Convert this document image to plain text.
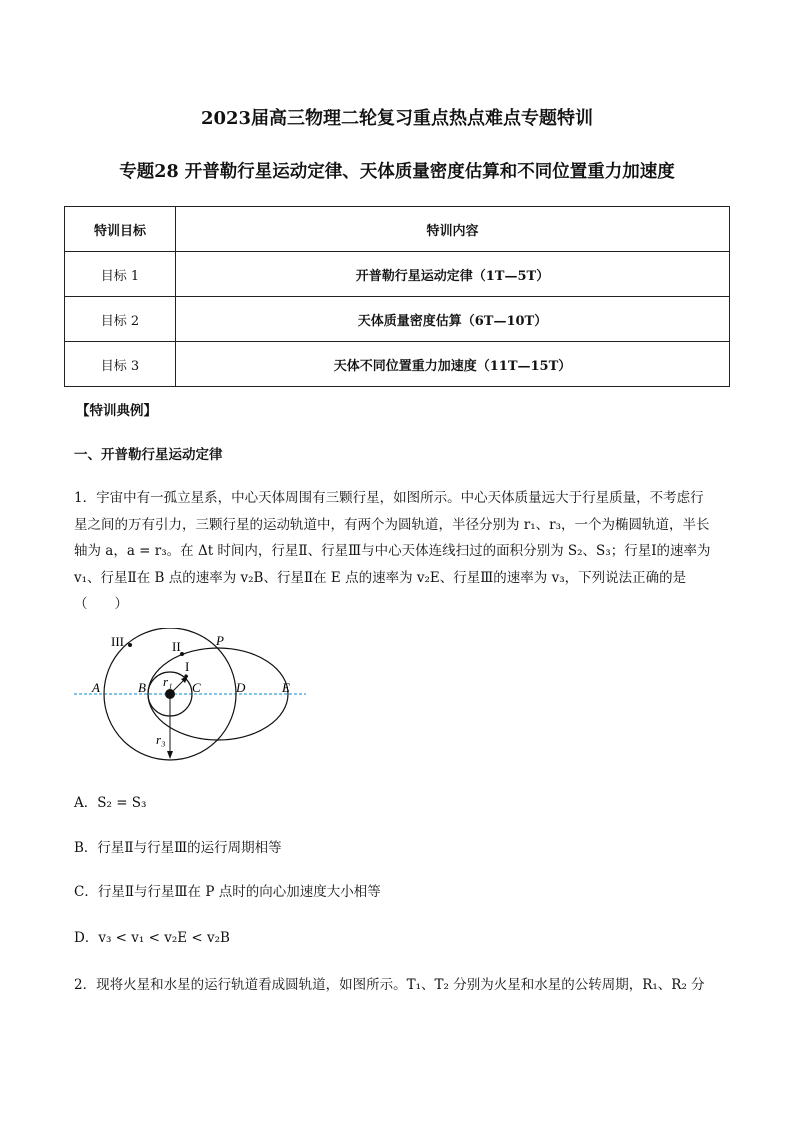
2023届高三物理二轮复习重点热点难点专题特训
专题28 开普勒行星运动定律、天体质量密度估算和不同位置重力加速度
特训目标	特训内容
目标 1	开普勒行星运动定律（1T—5T）
目标 2	天体质量密度估算（6T—10T）
目标 3	天体不同位置重力加速度（11T—15T）
【特训典例】
一、开普勒行星运动定律
1．宇宙中有一孤立星系，中心天体周围有三颗行星，如图所示。中心天体质量远大于行星质量，不考虑行
星之间的万有引力，三颗行星的运动轨道中，有两个为圆轨道，半径分别为 r₁、r₃，一个为椭圆轨道，半长
轴为 a，a = r₃。在 Δt 时间内，行星Ⅱ、行星Ⅲ与中心天体连线扫过的面积分别为 S₂、S₃；行星Ⅰ的速率为
v₁、行星Ⅱ在 B 点的速率为 v₂B、行星Ⅱ在 E 点的速率为 v₂E、行星Ⅲ的速率为 v₃，下列说法正确的是（　　）
III	II
I
P
A	B	C	D	E
r₁
r₃
A．S₂ = S₃
B．行星Ⅱ与行星Ⅲ的运行周期相等
C．行星Ⅱ与行星Ⅲ在 P 点时的向心加速度大小相等
D．v₃ < v₁ < v₂E < v₂B
2．现将火星和水星的运行轨道看成圆轨道，如图所示。T₁、T₂ 分别为火星和水星的公转周期，R₁、R₂ 分
